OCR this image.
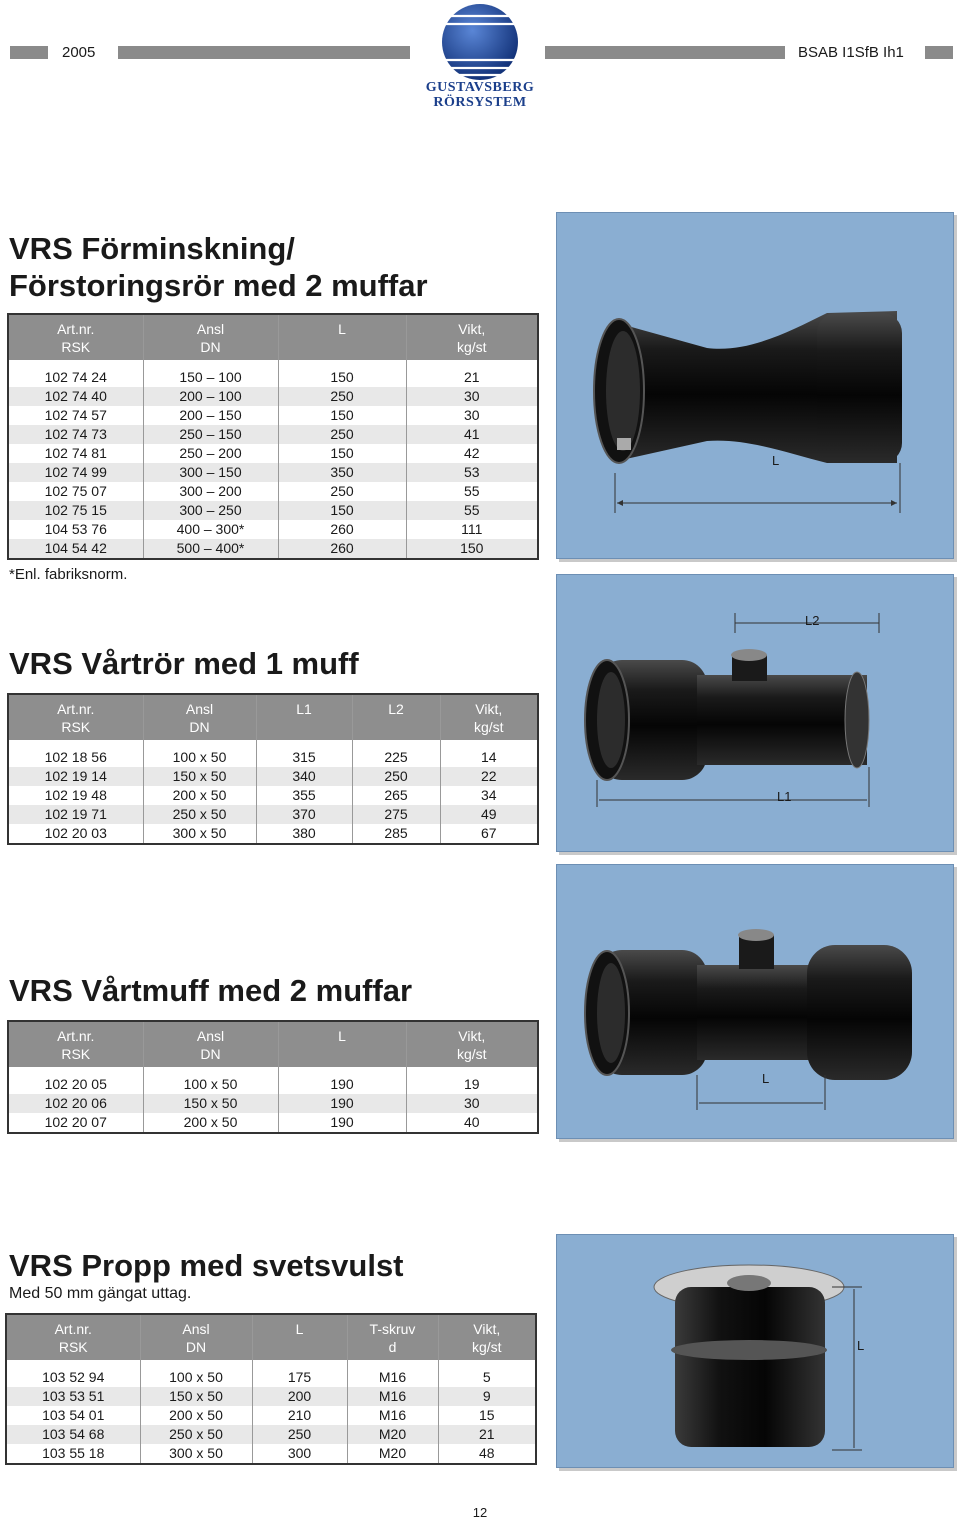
2005	BSAB I1SfB Ih1
GUSTAVSBERG
RÖRSYSTEM
VRS Förminskning/
Förstoringsrör med 2 muffar
Art.nr.
RSK	Ansl
DN	L	Vikt,
kg/st
102 74 24	150 – 100	150	21
102 74 40	200 – 100	250	30
102 74 57	200 – 150	150	30
102 74 73	250 – 150	250	41
102 74 81	250 – 200	150	42
102 74 99	300 – 150	350	53
102 75 07	300 – 200	250	55
102 75 15	300 – 250	150	55
104 53 76	400 – 300*	260	111
104 54 42	500 – 400*	260	150
*Enl. fabriksnorm.
L
VRS Vårtrör med 1 muff
Art.nr.
RSK	Ansl
DN	L1	L2	Vikt,
kg/st
102 18 56	100 x 50	315	225	14
102 19 14	150 x 50	340	250	22
102 19 48	200 x 50	355	265	34
102 19 71	250 x 50	370	275	49
102 20 03	300 x 50	380	285	67
L2
L1
VRS Vårtmuff med 2 muffar
Art.nr.
RSK	Ansl
DN	L	Vikt,
kg/st
102 20 05	100 x 50	190	19
102 20 06	150 x 50	190	30
102 20 07	200 x 50	190	40
L
VRS Propp med svetsvulst
Med 50 mm gängat uttag.
Art.nr.
RSK	Ansl
DN	L	T-skruv
d	Vikt,
kg/st
103 52 94	100 x 50	175	M16	5
103 53 51	150 x 50	200	M16	9
103 54 01	200 x 50	210	M16	15
103 54 68	250 x 50	250	M20	21
103 55 18	300 x 50	300	M20	48
L
12
